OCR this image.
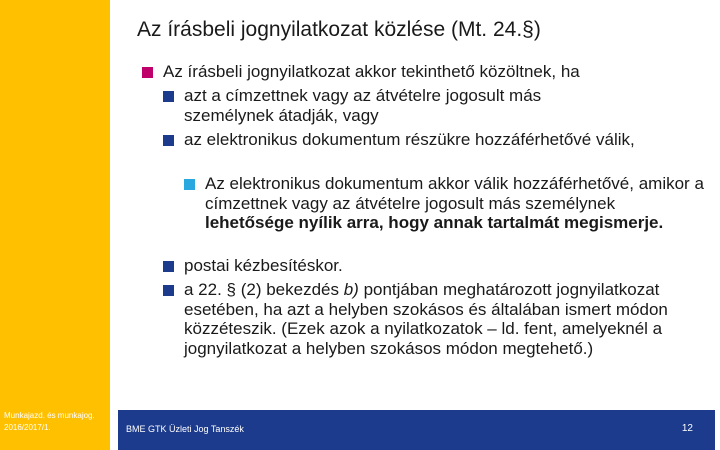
Munkajazd. és munkajog. 2016/2017/1.
Az írásbeli jognyilatkozat közlése (Mt. 24.§)
Az írásbeli jognyilatkozat akkor tekinthető közöltnek, ha
azt a címzettnek vagy az átvételre jogosult más személynek átadják, vagy
az elektronikus dokumentum részükre hozzáférhetővé válik,
Az elektronikus dokumentum akkor válik hozzáférhetővé, amikor a címzettnek vagy az átvételre jogosult más személynek lehetősége nyílik arra, hogy annak tartalmát megismerje.
postai kézbesítéskor.
a 22. § (2) bekezdés b) pontjában meghatározott jognyilatkozat esetében, ha azt a helyben szokásos és általában ismert módon közzéteszik. (Ezek azok a nyilatkozatok – ld. fent, amelyeknél a jognyilatkozat a helyben szokásos módon megtehető.)
BME GTK Üzleti Jog Tanszék	12
